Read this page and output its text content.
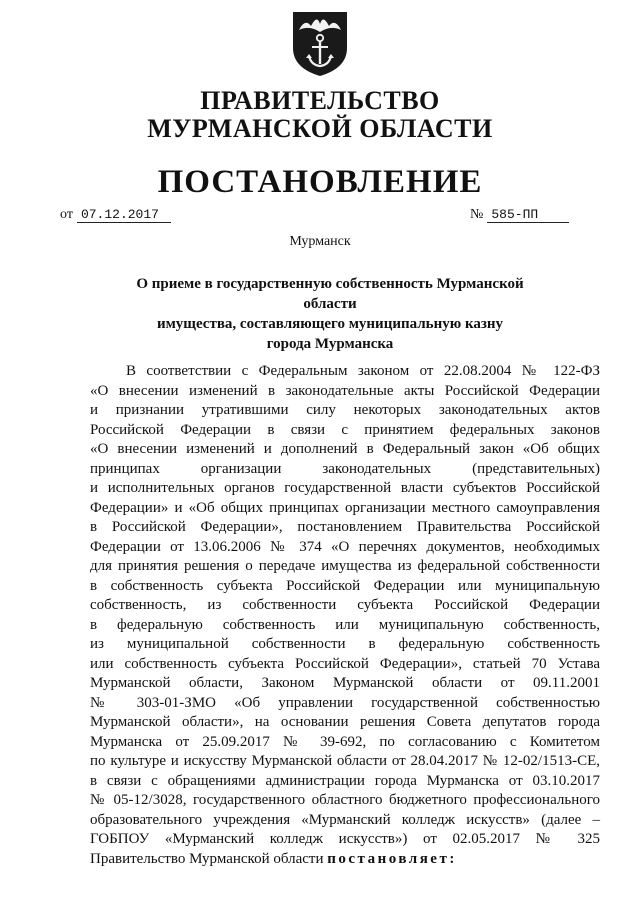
ПРАВИТЕЛЬСТВО
МУРМАНСКОЙ ОБЛАСТИ
ПОСТАНОВЛЕНИЕ
от 07.12.2017	№ 585-ПП
Мурманск
О приеме в государственную собственность Мурманской области
имущества, составляющего муниципальную казну
города Мурманска
В соответствии с Федеральным законом от 22.08.2004 № 122-ФЗ
«О внесении изменений в законодательные акты Российской Федерации
и признании утратившими силу некоторых законодательных актов
Российской Федерации в связи с принятием федеральных законов
«О внесении изменений и дополнений в Федеральный закон «Об общих
принципах организации законодательных (представительных)
и исполнительных органов государственной власти субъектов Российской
Федерации» и «Об общих принципах организации местного самоуправления
в Российской Федерации», постановлением Правительства Российской
Федерации от 13.06.2006 № 374 «О перечнях документов, необходимых
для принятия решения о передаче имущества из федеральной собственности
в собственность субъекта Российской Федерации или муниципальную
собственность, из собственности субъекта Российской Федерации
в федеральную собственность или муниципальную собственность,
из муниципальной собственности в федеральную собственность
или собственность субъекта Российской Федерации», статьей 70 Устава
Мурманской области, Законом Мурманской области от 09.11.2001
№ 303-01-ЗМО «Об управлении государственной собственностью
Мурманской области», на основании решения Совета депутатов города
Мурманска от 25.09.2017 № 39-692, по согласованию с Комитетом
по культуре и искусству Мурманской области от 28.04.2017 № 12-02/1513-СЕ,
в связи с обращениями администрации города Мурманска от 03.10.2017
№ 05-12/3028, государственного областного бюджетного профессионального
образовательного учреждения «Мурманский колледж искусств» (далее –
ГОБПОУ «Мурманский колледж искусств») от 02.05.2017 № 325
Правительство Мурманской области постановляет:
